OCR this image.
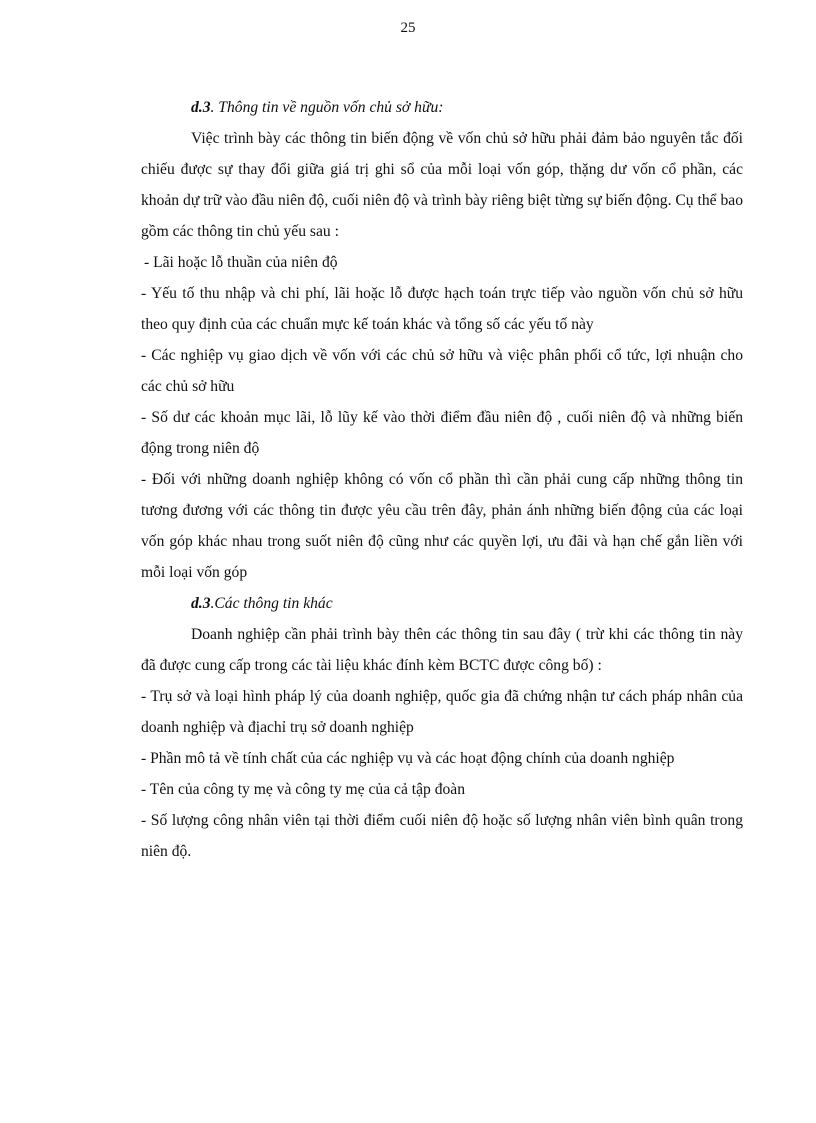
25

d.3. Thông tin về nguồn vốn chủ sở hữu:

Việc trình bày các thông tin biến động về vốn chủ sở hữu phải đảm bảo nguyên tắc đối chiếu được sự thay đổi giữa giá trị ghi sổ của mỗi loại vốn góp, thặng dư vốn cổ phần, các khoản dự trữ vào đầu niên độ, cuối niên độ và trình bày riêng biệt từng sự biến động. Cụ thể bao gồm các thông tin chủ yếu sau :

- Lãi hoặc lỗ thuần của niên độ

- Yếu tố thu nhập và chi phí, lãi hoặc lỗ được hạch toán trực tiếp vào nguồn vốn chủ sở hữu theo quy định của các chuẩn mực kế toán khác và tổng số các yếu tố này

- Các nghiệp vụ giao dịch về vốn với các chủ sở hữu và việc phân phối cổ tức, lợi nhuận cho các chủ sở hữu

- Số dư các khoản mục lãi, lỗ lũy kế vào thời điểm đầu niên độ , cuối niên độ và những biến động trong niên độ

- Đối với những doanh nghiệp không có vốn cổ phần thì cần phải cung cấp những thông tin tương đương với các thông tin được yêu cầu trên đây, phản ánh những biến động của các loại vốn góp khác nhau trong suốt niên độ cũng như các quyền lợi, ưu đãi và hạn chế gắn liền với mỗi loại vốn góp

d.3.Các thông tin khác

Doanh nghiệp cần phải trình bày thên các thông tin sau đây ( trừ khi các thông tin này đã được cung cấp trong các tài liệu khác đính kèm BCTC được công bố) :

- Trụ sở và loại hình pháp lý của doanh nghiệp, quốc gia đã chứng nhận tư cách pháp nhân của doanh nghiệp và địachỉ trụ sở doanh nghiệp

- Phần mô tả về tính chất của các nghiệp vụ và các hoạt động chính của doanh nghiệp

- Tên của công ty mẹ và công ty mẹ của cả tập đoàn

- Số lượng công nhân viên tại thời điểm cuối niên độ hoặc số lượng nhân viên bình quân trong niên độ.
